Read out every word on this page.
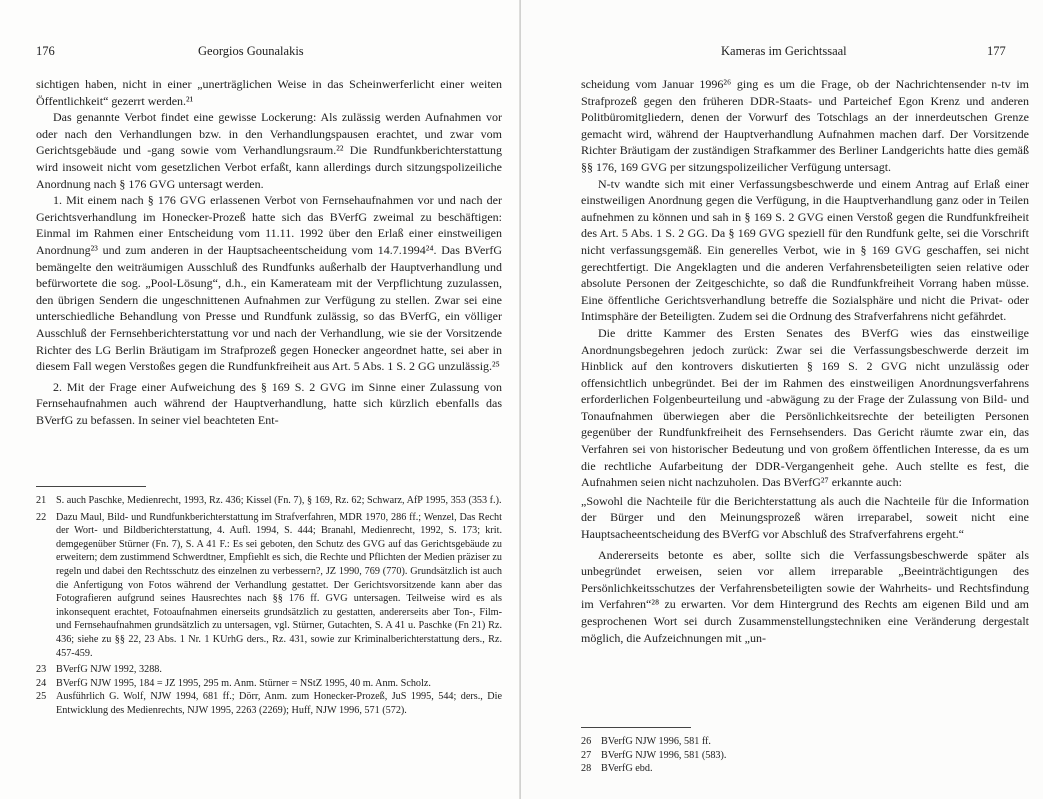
176	Georgios Gounalakis

sichtigen haben, nicht in einer „unerträglichen Weise in das Scheinwerferlicht einer weiten Öffentlichkeit“ gezerrt werden.²¹

Das genannte Verbot findet eine gewisse Lockerung: Als zulässig werden Aufnahmen vor oder nach den Verhandlungen bzw. in den Verhandlungspausen erachtet, und zwar vom Gerichtsgebäude und -gang sowie vom Verhandlungsraum.²² Die Rundfunkberichterstattung wird insoweit nicht vom gesetzlichen Verbot erfaßt, kann allerdings durch sitzungspolizeiliche Anordnung nach § 176 GVG untersagt werden.

1. Mit einem nach § 176 GVG erlassenen Verbot von Fernsehaufnahmen vor und nach der Gerichtsverhandlung im Honecker-Prozeß hatte sich das BVerfG zweimal zu beschäftigen: Einmal im Rahmen einer Entscheidung vom 11.11. 1992 über den Erlaß einer einstweiligen Anordnung²³ und zum anderen in der Hauptsacheentscheidung vom 14.7.1994²⁴. Das BVerfG bemängelte den weiträumigen Ausschluß des Rundfunks außerhalb der Hauptverhandlung und befürwortete die sog. „Pool-Lösung“, d.h., ein Kamerateam mit der Verpflichtung zuzulassen, den übrigen Sendern die ungeschnittenen Aufnahmen zur Verfügung zu stellen. Zwar sei eine unterschiedliche Behandlung von Presse und Rundfunk zulässig, so das BVerfG, ein völliger Ausschluß der Fernsehberichterstattung vor und nach der Verhandlung, wie sie der Vorsitzende Richter des LG Berlin Bräutigam im Strafprozeß gegen Honecker angeordnet hatte, sei aber in diesem Fall wegen Verstoßes gegen die Rundfunkfreiheit aus Art. 5 Abs. 1 S. 2 GG unzulässig.²⁵

2. Mit der Frage einer Aufweichung des § 169 S. 2 GVG im Sinne einer Zulassung von Fernsehaufnahmen auch während der Hauptverhandlung, hatte sich kürzlich ebenfalls das BVerfG zu befassen. In seiner viel beachteten Ent-

21 S. auch Paschke, Medienrecht, 1993, Rz. 436; Kissel (Fn. 7), § 169, Rz. 62; Schwarz, AfP 1995, 353 (353 f.).
22 Dazu Maul, Bild- und Rundfunkberichterstattung im Strafverfahren, MDR 1970, 286 ff.; Wenzel, Das Recht der Wort- und Bildberichterstattung, 4. Aufl. 1994, S. 444; Branahl, Medienrecht, 1992, S. 173; krit. demgegenüber Stürner (Fn. 7), S. A 41 F.: Es sei geboten, den Schutz des GVG auf das Gerichtsgebäude zu erweitern; dem zustimmend Schwerdtner, Empfiehlt es sich, die Rechte und Pflichten der Medien präziser zu regeln und dabei den Rechtsschutz des einzelnen zu verbessern?, JZ 1990, 769 (770). Grundsätzlich ist auch die Anfertigung von Fotos während der Verhandlung gestattet. Der Gerichtsvorsitzende kann aber das Fotografieren aufgrund seines Hausrechtes nach §§ 176 ff. GVG untersagen. Teilweise wird es als inkonsequent erachtet, Fotoaufnahmen einerseits grundsätzlich zu gestatten, andererseits aber Ton-, Film- und Fernsehaufnahmen grundsätzlich zu untersagen, vgl. Stürner, Gutachten, S. A 41 u. Paschke (Fn 21) Rz. 436; siehe zu §§ 22, 23 Abs. 1 Nr. 1 KUrhG ders., Rz. 431, sowie zur Kriminalberichterstattung ders., Rz. 457-459.
23 BVerfG NJW 1992, 3288.
24 BVerfG NJW 1995, 184 = JZ 1995, 295 m. Anm. Stürner = NStZ 1995, 40 m. Anm. Scholz.
25 Ausführlich G. Wolf, NJW 1994, 681 ff.; Dörr, Anm. zum Honecker-Prozeß, JuS 1995, 544; ders., Die Entwicklung des Medienrechts, NJW 1995, 2263 (2269); Huff, NJW 1996, 571 (572).
Kameras im Gerichtssaal	177

scheidung vom Januar 1996²⁶ ging es um die Frage, ob der Nachrichtensender n-tv im Strafprozeß gegen den früheren DDR-Staats- und Parteichef Egon Krenz und anderen Politbüromitgliedern, denen der Vorwurf des Totschlags an der innerdeutschen Grenze gemacht wird, während der Hauptverhandlung Aufnahmen machen darf. Der Vorsitzende Richter Bräutigam der zuständigen Strafkammer des Berliner Landgerichts hatte dies gemäß §§ 176, 169 GVG per sitzungspolizeilicher Verfügung untersagt.

N-tv wandte sich mit einer Verfassungsbeschwerde und einem Antrag auf Erlaß einer einstweiligen Anordnung gegen die Verfügung, in die Hauptverhandlung ganz oder in Teilen aufnehmen zu können und sah in § 169 S. 2 GVG einen Verstoß gegen die Rundfunkfreiheit des Art. 5 Abs. 1 S. 2 GG. Da § 169 GVG speziell für den Rundfunk gelte, sei die Vorschrift nicht verfassungsgemäß. Ein generelles Verbot, wie in § 169 GVG geschaffen, sei nicht gerechtfertigt. Die Angeklagten und die anderen Verfahrensbeteiligten seien relative oder absolute Personen der Zeitgeschichte, so daß die Rundfunkfreiheit Vorrang haben müsse. Eine öffentliche Gerichtsverhandlung betreffe die Sozialsphäre und nicht die Privat- oder Intimsphäre der Beteiligten. Zudem sei die Ordnung des Strafverfahrens nicht gefährdet.

Die dritte Kammer des Ersten Senates des BVerfG wies das einstweilige Anordnungsbegehren jedoch zurück: Zwar sei die Verfassungsbeschwerde derzeit im Hinblick auf den kontrovers diskutierten § 169 S. 2 GVG nicht unzulässig oder offensichtlich unbegründet. Bei der im Rahmen des einstweiligen Anordnungsverfahrens erforderlichen Folgenbeurteilung und -abwägung zu der Frage der Zulassung von Bild- und Tonaufnahmen überwiegen aber die Persönlichkeitsrechte der beteiligten Personen gegenüber der Rundfunkfreiheit des Fernsehsenders. Das Gericht räumte zwar ein, das Verfahren sei von historischer Bedeutung und von großem öffentlichen Interesse, da es um die rechtliche Aufarbeitung der DDR-Vergangenheit gehe. Auch stellte es fest, die Aufnahmen seien nicht nachzuholen. Das BVerfG²⁷ erkannte auch:

„Sowohl die Nachteile für die Berichterstattung als auch die Nachteile für die Information der Bürger und den Meinungsprozeß wären irreparabel, soweit nicht eine Hauptsacheentscheidung des BVerfG vor Abschluß des Strafverfahrens ergeht.“

Andererseits betonte es aber, sollte sich die Verfassungsbeschwerde später als unbegründet erweisen, seien vor allem irreparable „Beeinträchtigungen des Persönlichkeitsschutzes der Verfahrensbeteiligten sowie der Wahrheits- und Rechtsfindung im Verfahren“²⁸ zu erwarten. Vor dem Hintergrund des Rechts am eigenen Bild und am gesprochenen Wort sei durch Zusammenstellungstechniken eine Veränderung dergestalt möglich, die Aufzeichnungen mit „un-

26 BVerfG NJW 1996, 581 ff.
27 BVerfG NJW 1996, 581 (583).
28 BVerfG ebd.
